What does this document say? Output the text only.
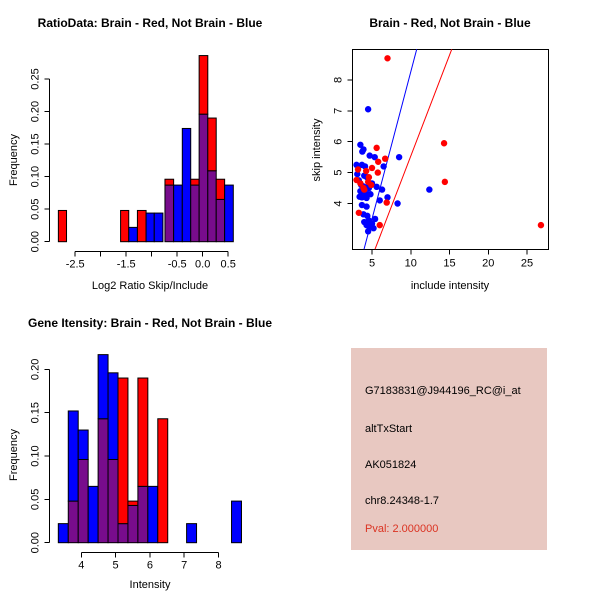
-2.5	-1.5	-0.5 0.0 0.5
0.00
0.05
0.10
0.15
0.20
0.25
RatioData: Brain - Red, Not Brain - Blue
Log2 Ratio Skip/Include
Frequency
5	10 15 20 25
4
5
6
7
8
Brain - Red, Not Brain - Blue
include intensity
skip intensity
4	5	6	7	8
0.00
0.05
0.10
0.15
0.20
Gene Itensity: Brain - Red, Not Brain - Blue
Intensity
Frequency
G7183831@J944196_RC@i_at
altTxStart
AK051824
chr8.24348-1.7
Pval: 2.000000
